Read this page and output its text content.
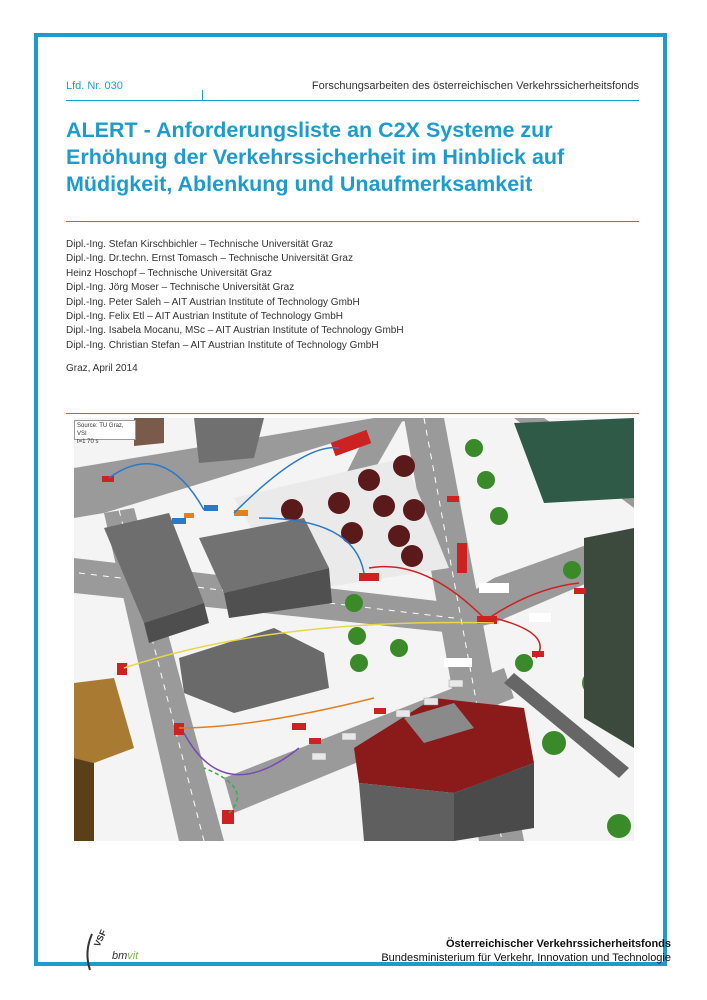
Lfd. Nr. 030	Forschungsarbeiten des österreichischen Verkehrssicherheitsfonds
ALERT - Anforderungsliste an C2X Systeme zur Erhöhung der Verkehrssicherheit im Hinblick auf Müdigkeit, Ablenkung und Unaufmerksamkeit
Dipl.-Ing. Stefan Kirschbichler – Technische Universität Graz
Dipl.-Ing. Dr.techn. Ernst Tomasch – Technische Universität Graz
Heinz Hoschopf – Technische Universität Graz
Dipl.-Ing. Jörg Moser – Technische Universität Graz
Dipl.-Ing. Peter Saleh – AIT Austrian Institute of Technology GmbH
Dipl.-Ing. Felix Etl – AIT Austrian Institute of Technology GmbH
Dipl.-Ing. Isabela Mocanu, MSc – AIT Austrian Institute of Technology GmbH
Dipl.-Ing. Christian Stefan – AIT Austrian Institute of Technology GmbH
Graz, April 2014
Source: TU Graz, VSI
t=1 70 s
VSF
bmvit
Österreichischer Verkehrssicherheitsfonds
Bundesministerium für Verkehr, Innovation und Technologie
